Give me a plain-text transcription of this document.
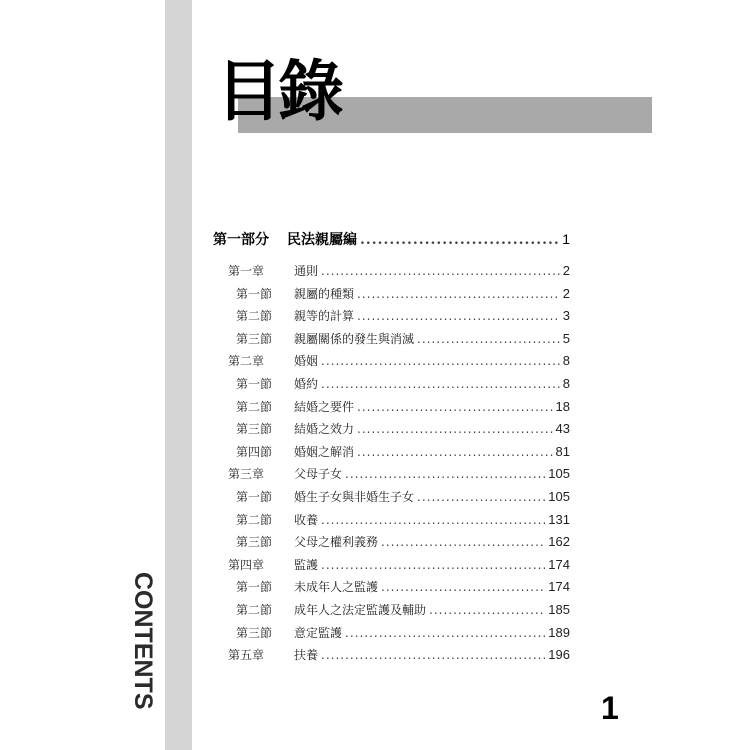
CONTENTS
目錄
第一部分 民法親屬編 .....	1
第一章	通則 .....	2
第一節	親屬的種類 .....	2
第二節	親等的計算 .....	3
第三節	親屬關係的發生與消滅 .....	5
第二章	婚姻 .....	8
第一節	婚約 .....	8
第二節	結婚之要件 .....	18
第三節	結婚之效力 .....	43
第四節	婚姻之解消 .....	81
第三章	父母子女 .....	105
第一節	婚生子女與非婚生子女 .....	105
第二節	收養 .....	131
第三節	父母之權利義務 .....	162
第四章	監護 .....	174
第一節	未成年人之監護 .....	174
第二節	成年人之法定監護及輔助 .....	185
第三節	意定監護 .....	189
第五章	扶養 .....	196
1
